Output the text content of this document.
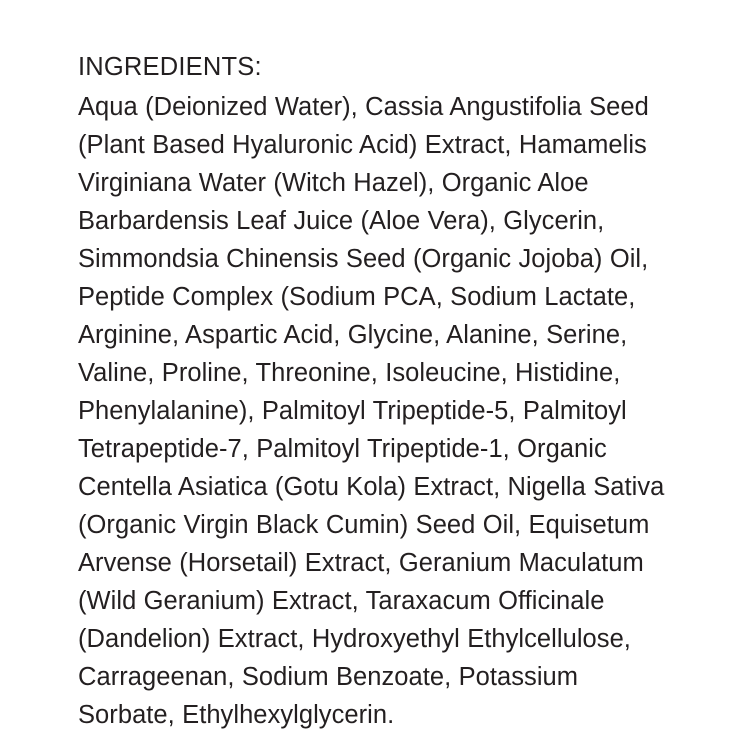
INGREDIENTS:

Aqua (Deionized Water), Cassia Angustifolia Seed (Plant Based Hyaluronic Acid) Extract, Hamamelis Virginiana Water (Witch Hazel), Organic Aloe Barbardensis Leaf Juice (Aloe Vera), Glycerin, Simmondsia Chinensis Seed (Organic Jojoba) Oil, Peptide Complex (Sodium PCA, Sodium Lactate, Arginine, Aspartic Acid, Glycine, Alanine, Serine, Valine, Proline, Threonine, Isoleucine, Histidine, Phenylalanine), Palmitoyl Tripeptide-5, Palmitoyl Tetrapeptide-7, Palmitoyl Tripeptide-1, Organic Centella Asiatica (Gotu Kola) Extract, Nigella Sativa (Organic Virgin Black Cumin) Seed Oil, Equisetum Arvense (Horsetail) Extract, Geranium Maculatum (Wild Geranium) Extract, Taraxacum Officinale (Dandelion) Extract, Hydroxyethyl Ethylcellulose, Carrageenan, Sodium Benzoate, Potassium Sorbate, Ethylhexylglycerin.
